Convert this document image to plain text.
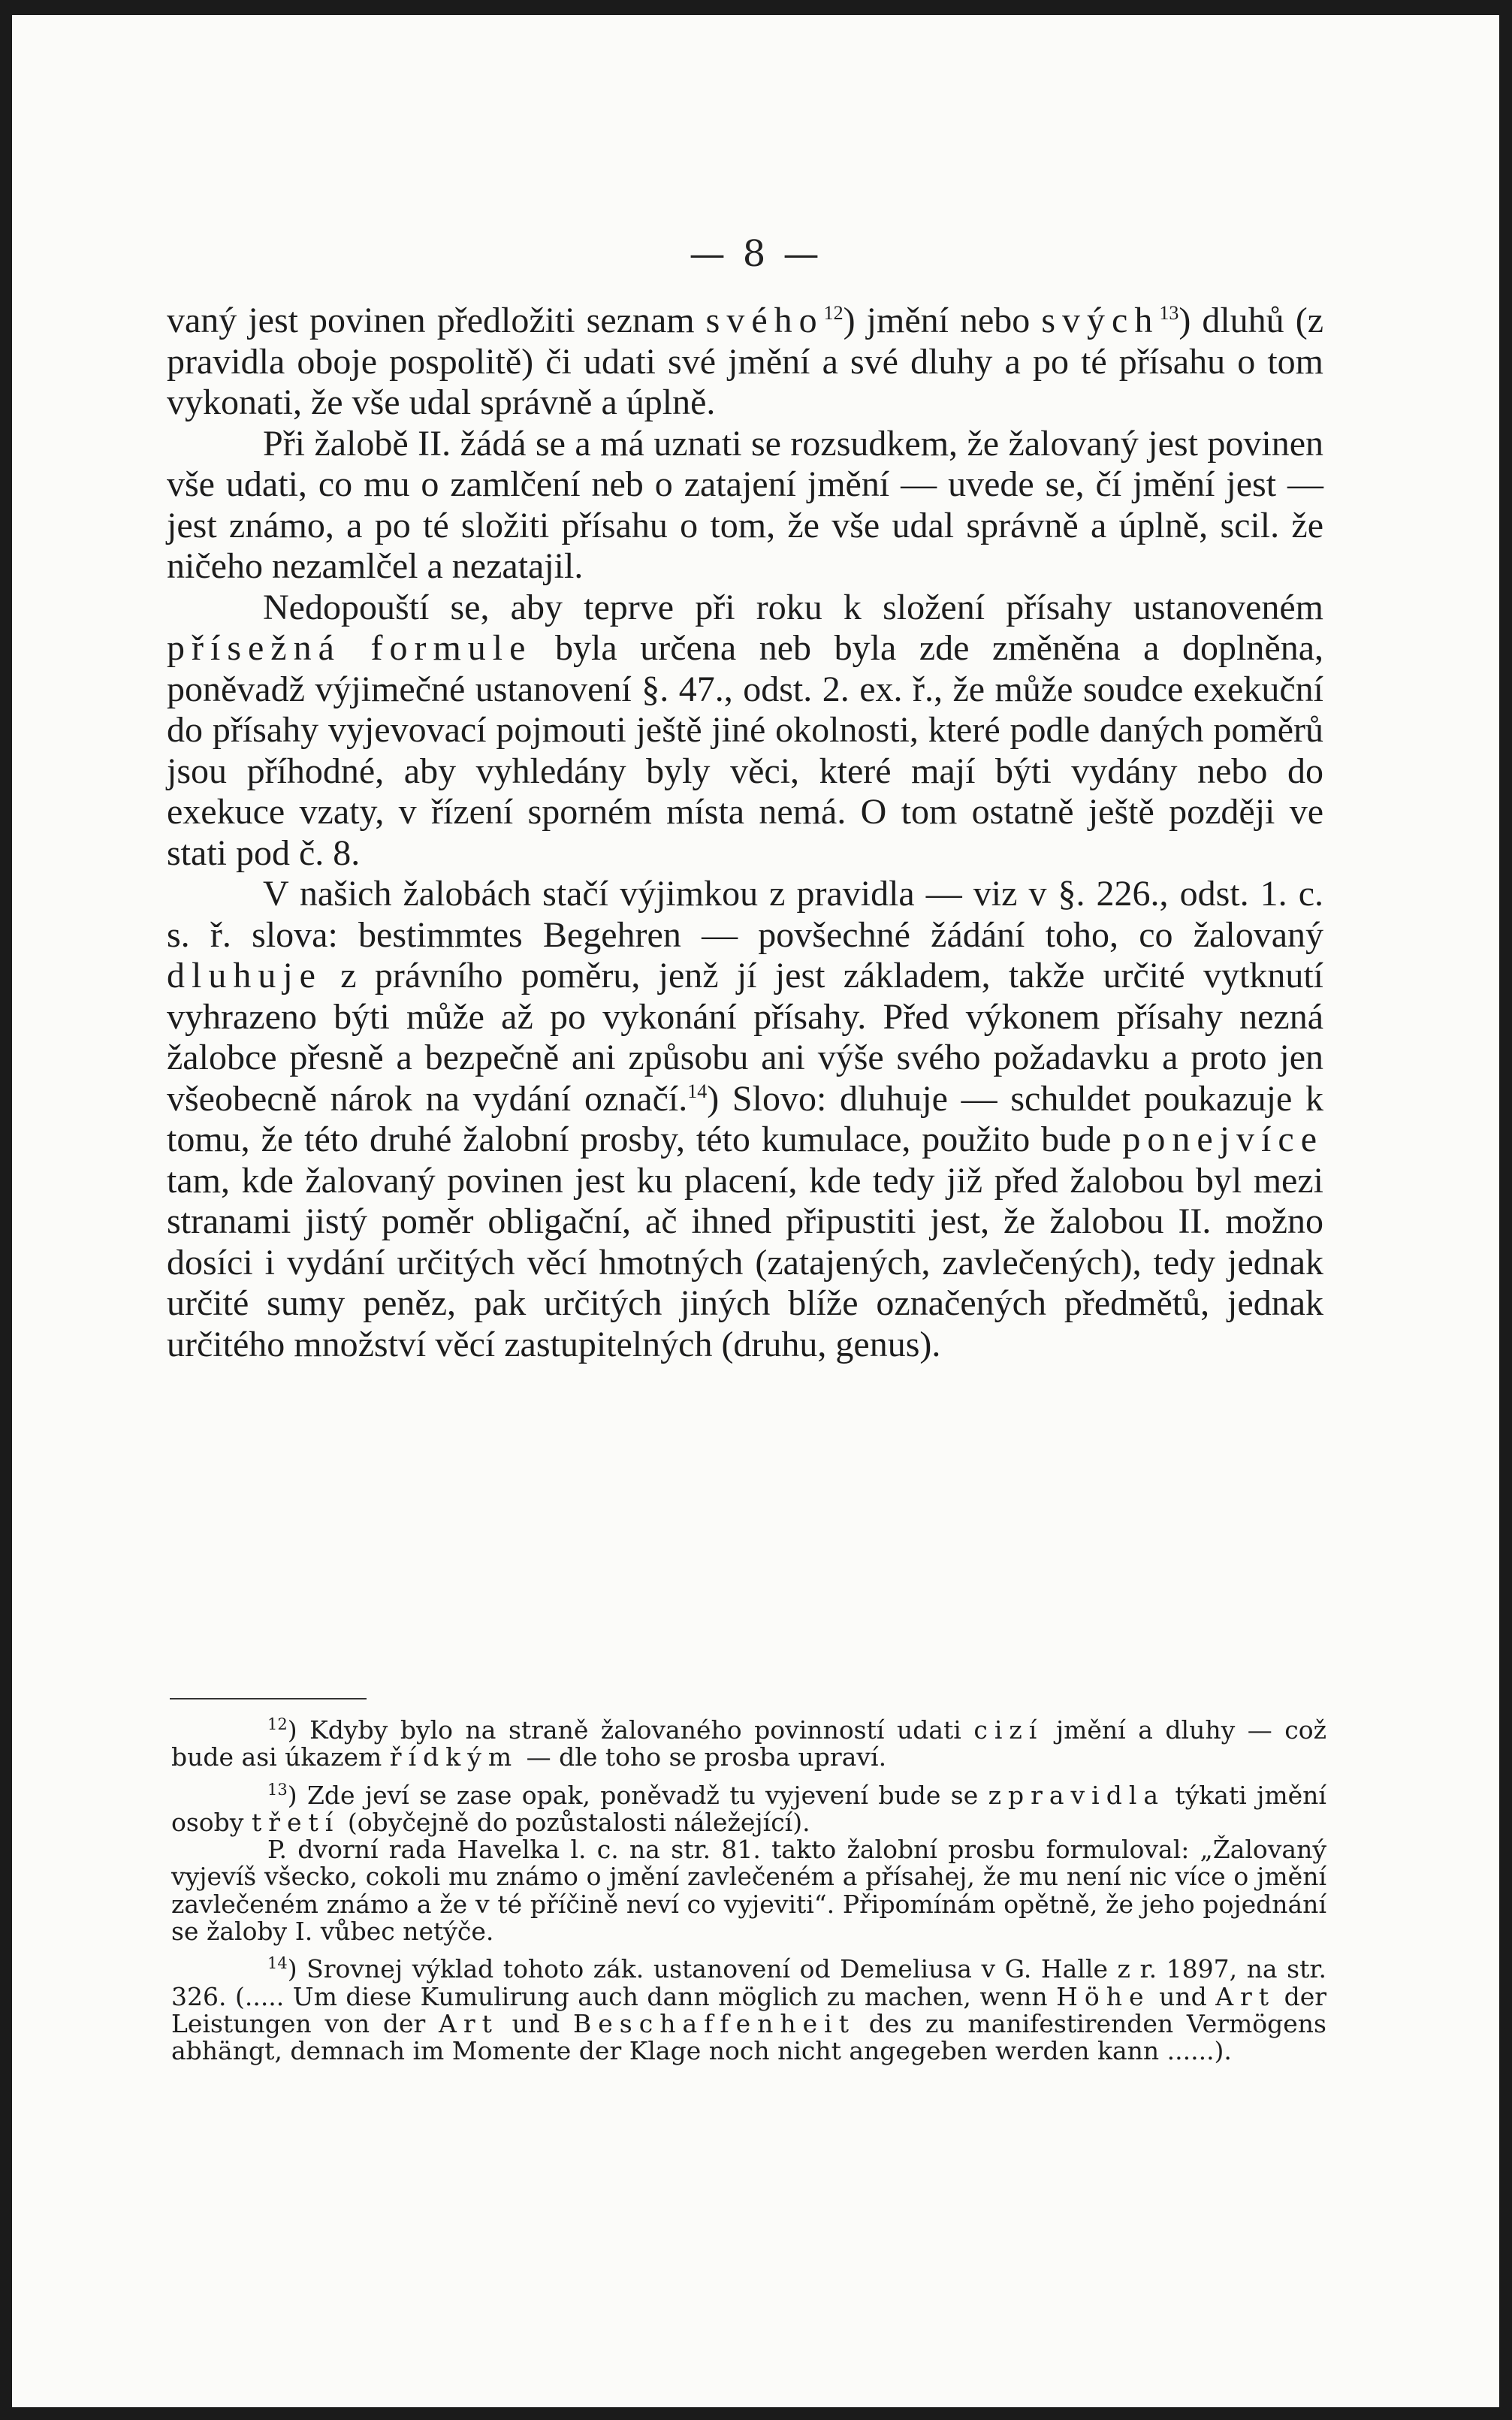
— 8 —

vaný jest povinen předložiti seznam svého$^{12}$) jmění nebo svých$^{13}$) dluhů (z pravidla oboje pospolitě) či udati své jmění a své dluhy a po té přísahu o tom vykonati, že vše udal správně a úplně.

Při žalobě II. žádá se a má uznati se rozsudkem, že žalovaný jest povinen vše udati, co mu o zamlčení neb o zatajení jmění — uvede se, čí jmění jest — jest známo, a po té složiti přísahu o tom, že vše udal správně a úplně, scil. že ničeho nezamlčel a nezatajil.

Nedopouští se, aby teprve při roku k složení přísahy ustanoveném přísežná formule byla určena neb byla zde změněna a doplněna, poněvadž výjimečné ustanovení §. 47., odst. 2. ex. ř., že může soudce exekuční do přísahy vyjevovací pojmouti ještě jiné okolnosti, které podle daných poměrů jsou příhodné, aby vyhledány byly věci, které mají býti vydány nebo do exekuce vzaty, v řízení sporném místa nemá. O tom ostatně ještě později ve stati pod č. 8.

V našich žalobách stačí výjimkou z pravidla — viz v §. 226., odst. 1. c. s. ř. slova: bestimmtes Begehren — povšechné žádání toho, co žalovaný dluhuje z právního poměru, jenž jí jest základem, takže určité vytknutí vyhrazeno býti může až po vykonání přísahy. Před výkonem přísahy nezná žalobce přesně a bezpečně ani způsobu ani výše svého požadavku a proto jen všeobecně nárok na vydání označí.$^{14}$) Slovo: dluhuje — schuldet poukazuje k tomu, že této druhé žalobní prosby, této kumulace, použito bude ponejvíce tam, kde žalovaný povinen jest ku placení, kde tedy již před žalobou byl mezi stranami jistý poměr obligační, ač ihned připustiti jest, že žalobou II. možno dosíci i vydání určitých věcí hmotných (zatajených, zavlečených), tedy jednak určité sumy peněz, pak určitých jiných blíže označených předmětů, jednak určitého množství věcí zastupitelných (druhu, genus).

$^{12}$) Kdyby bylo na straně žalovaného povinností udati cizí jmění a dluhy — což bude asi úkazem řídkým — dle toho se prosba upraví.

$^{13}$) Zde jeví se zase opak, poněvadž tu vyjevení bude se zpravidla týkati jmění osoby třetí (obyčejně do pozůstalosti náležející).

P. dvorní rada Havelka l. c. na str. 81. takto žalobní prosbu formuloval: „Žalovaný vyjevíš všecko, cokoli mu známo o jmění zavlečeném a přísahej, že mu není nic více o jmění zavlečeném známo a že v té příčině neví co vyjeviti“. Připomínám opětně, že jeho pojednání se žaloby I. vůbec netýče.

$^{14}$) Srovnej výklad tohoto zák. ustanovení od Demeliusa v G. Halle z r. 1897, na str. 326. (..... Um diese Kumulirung auch dann möglich zu machen, wenn Höhe und Art der Leistungen von der Art und Beschaffenheit des zu manifestirenden Vermögens abhängt, demnach im Momente der Klage noch nicht angegeben werden kann ......).
